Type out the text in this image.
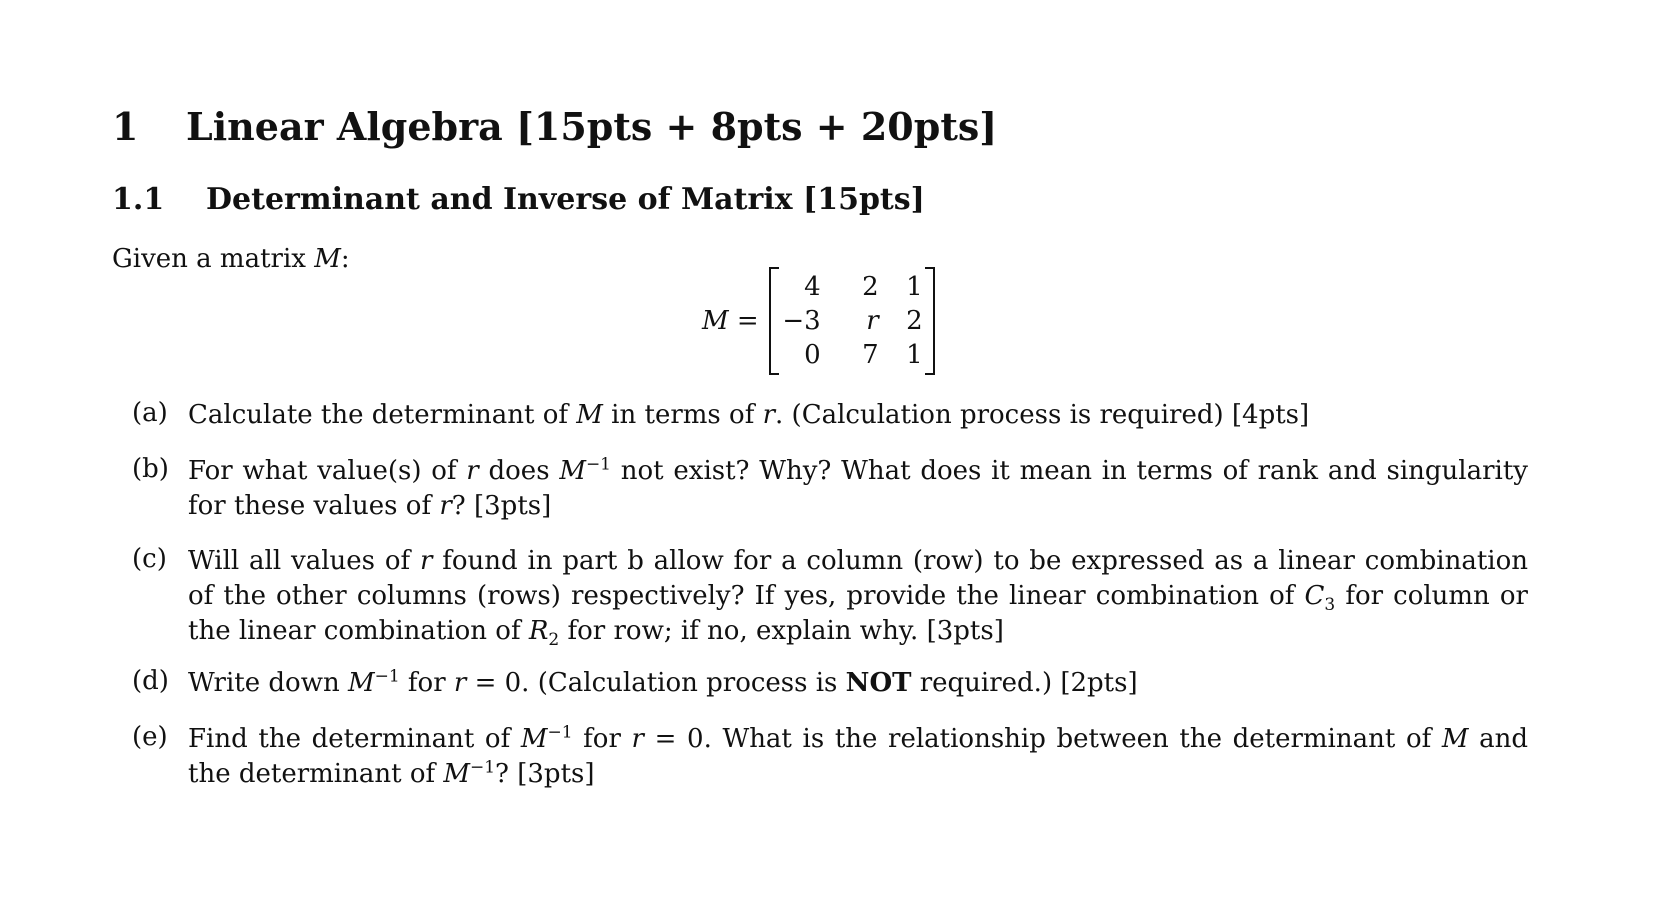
1 Linear Algebra [15pts + 8pts + 20pts]
1.1 Determinant and Inverse of Matrix [15pts]
Given a matrix M:
M =
4	2	1
−3	r	2
0	7	1
(a) Calculate the determinant of M in terms of r. (Calculation process is required) [4pts]
(b) For what value(s) of r does $M^{-1}$ not exist? Why? What does it mean in terms of rank and singularity for these values of r? [3pts]
(c) Will all values of r found in part b allow for a column (row) to be expressed as a linear combination of the other columns (rows) respectively? If yes, provide the linear combination of $C_3$ for column or the linear combination of $R_2$ for row; if no, explain why. [3pts]
(d) Write down $M^{-1}$ for r = 0. (Calculation process is NOT required.) [2pts]
(e) Find the determinant of $M^{-1}$ for r = 0. What is the relationship between the determinant of M and the determinant of $M^{-1}$? [3pts]
